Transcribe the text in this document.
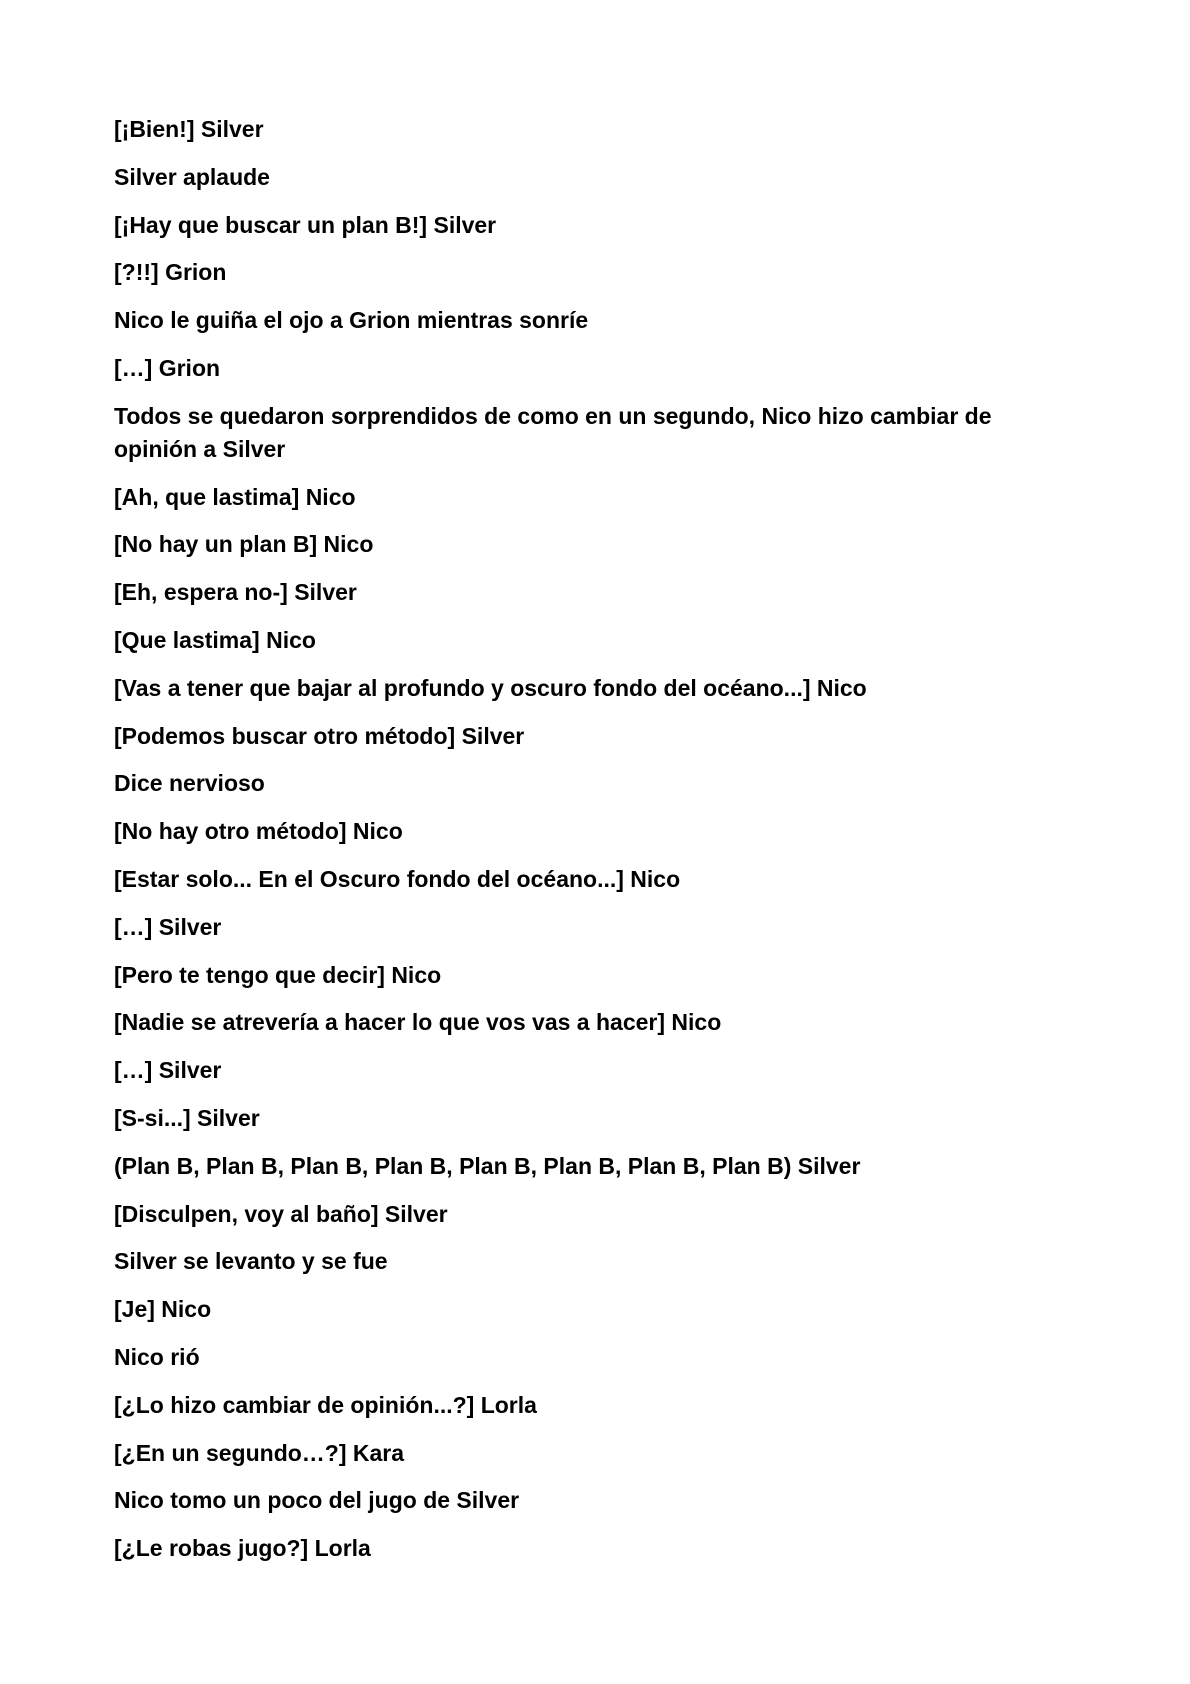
[¡Bien!] Silver

Silver aplaude

[¡Hay que buscar un plan B!] Silver

[?!!] Grion

Nico le guiña el ojo a Grion mientras sonríe

[…] Grion

Todos se quedaron sorprendidos de como en un segundo, Nico hizo cambiar de opinión a Silver

[Ah, que lastima] Nico

[No hay un plan B] Nico

[Eh, espera no-] Silver

[Que lastima] Nico

[Vas a tener que bajar al profundo y oscuro fondo del océano...] Nico

[Podemos buscar otro método] Silver

Dice nervioso

[No hay otro método] Nico

[Estar solo... En el Oscuro fondo del océano...] Nico

[…] Silver

[Pero te tengo que decir] Nico

[Nadie se atrevería a hacer lo que vos vas a hacer] Nico

[…] Silver

[S-si...] Silver

(Plan B, Plan B, Plan B, Plan B, Plan B, Plan B, Plan B, Plan B) Silver

[Disculpen, voy al baño] Silver

Silver se levanto y se fue

[Je] Nico

Nico rió

[¿Lo hizo cambiar de opinión...?] Lorla

[¿En un segundo…?] Kara

Nico tomo un poco del jugo de Silver

[¿Le robas jugo?] Lorla
